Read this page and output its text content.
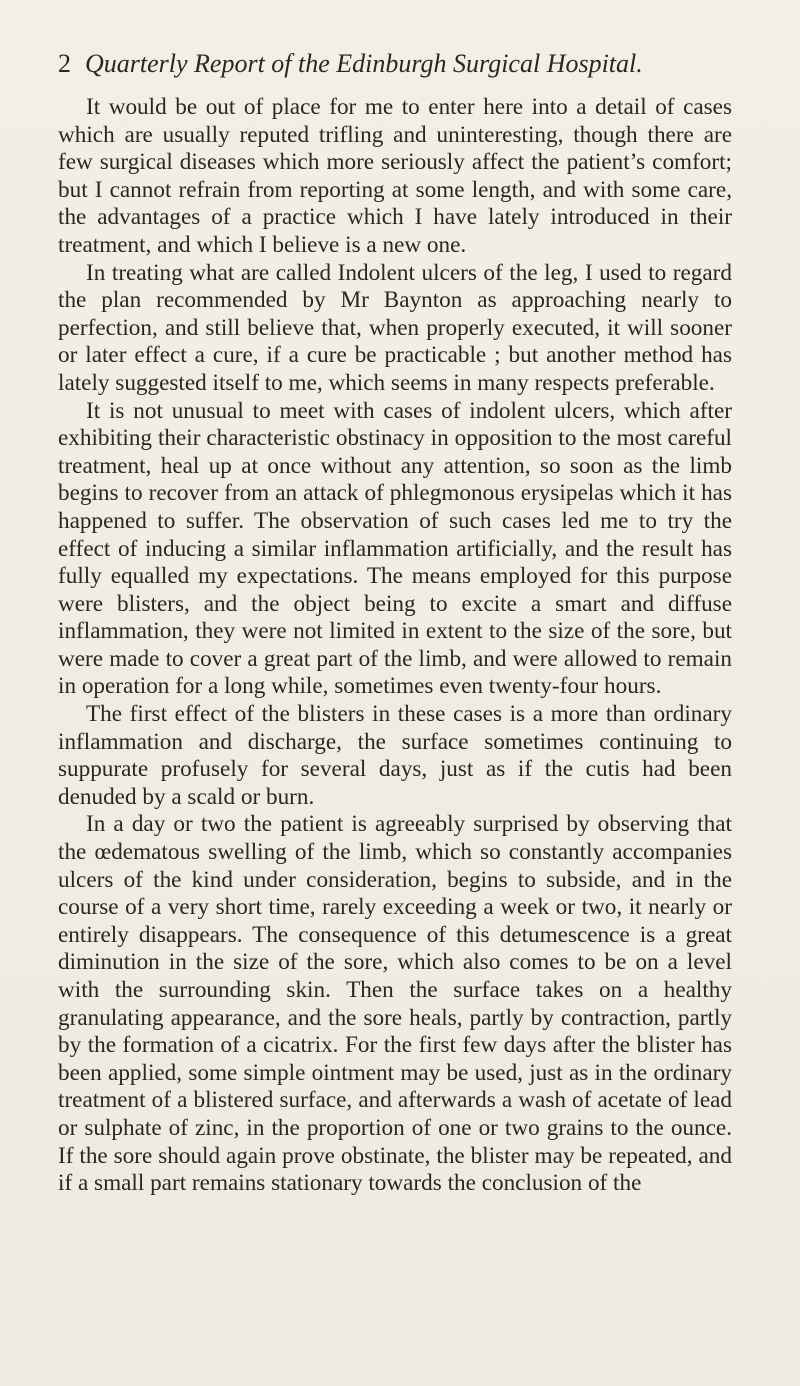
2 Quarterly Report of the Edinburgh Surgical Hospital.

It would be out of place for me to enter here into a detail of cases which are usually reputed trifling and uninteresting, though there are few surgical diseases which more seriously affect the patient’s comfort; but I cannot refrain from reporting at some length, and with some care, the advantages of a practice which I have lately introduced in their treatment, and which I believe is a new one.

In treating what are called Indolent ulcers of the leg, I used to regard the plan recommended by Mr Baynton as approaching nearly to perfection, and still believe that, when properly executed, it will sooner or later effect a cure, if a cure be practicable ; but another method has lately suggested itself to me, which seems in many respects preferable.

It is not unusual to meet with cases of indolent ulcers, which after exhibiting their characteristic obstinacy in opposition to the most careful treatment, heal up at once without any attention, so soon as the limb begins to recover from an attack of phlegmonous erysipelas which it has happened to suffer. The observation of such cases led me to try the effect of inducing a similar inflammation artificially, and the result has fully equalled my expectations. The means employed for this purpose were blisters, and the object being to excite a smart and diffuse inflammation, they were not limited in extent to the size of the sore, but were made to cover a great part of the limb, and were allowed to remain in operation for a long while, sometimes even twenty-four hours.

The first effect of the blisters in these cases is a more than ordinary inflammation and discharge, the surface sometimes continuing to suppurate profusely for several days, just as if the cutis had been denuded by a scald or burn.

In a day or two the patient is agreeably surprised by observing that the œdematous swelling of the limb, which so constantly accompanies ulcers of the kind under consideration, begins to subside, and in the course of a very short time, rarely exceeding a week or two, it nearly or entirely disappears. The consequence of this detumescence is a great diminution in the size of the sore, which also comes to be on a level with the surrounding skin. Then the surface takes on a healthy granulating appearance, and the sore heals, partly by contraction, partly by the formation of a cicatrix. For the first few days after the blister has been applied, some simple ointment may be used, just as in the ordinary treatment of a blistered surface, and afterwards a wash of acetate of lead or sulphate of zinc, in the proportion of one or two grains to the ounce. If the sore should again prove obstinate, the blister may be repeated, and if a small part remains stationary towards the conclusion of the
